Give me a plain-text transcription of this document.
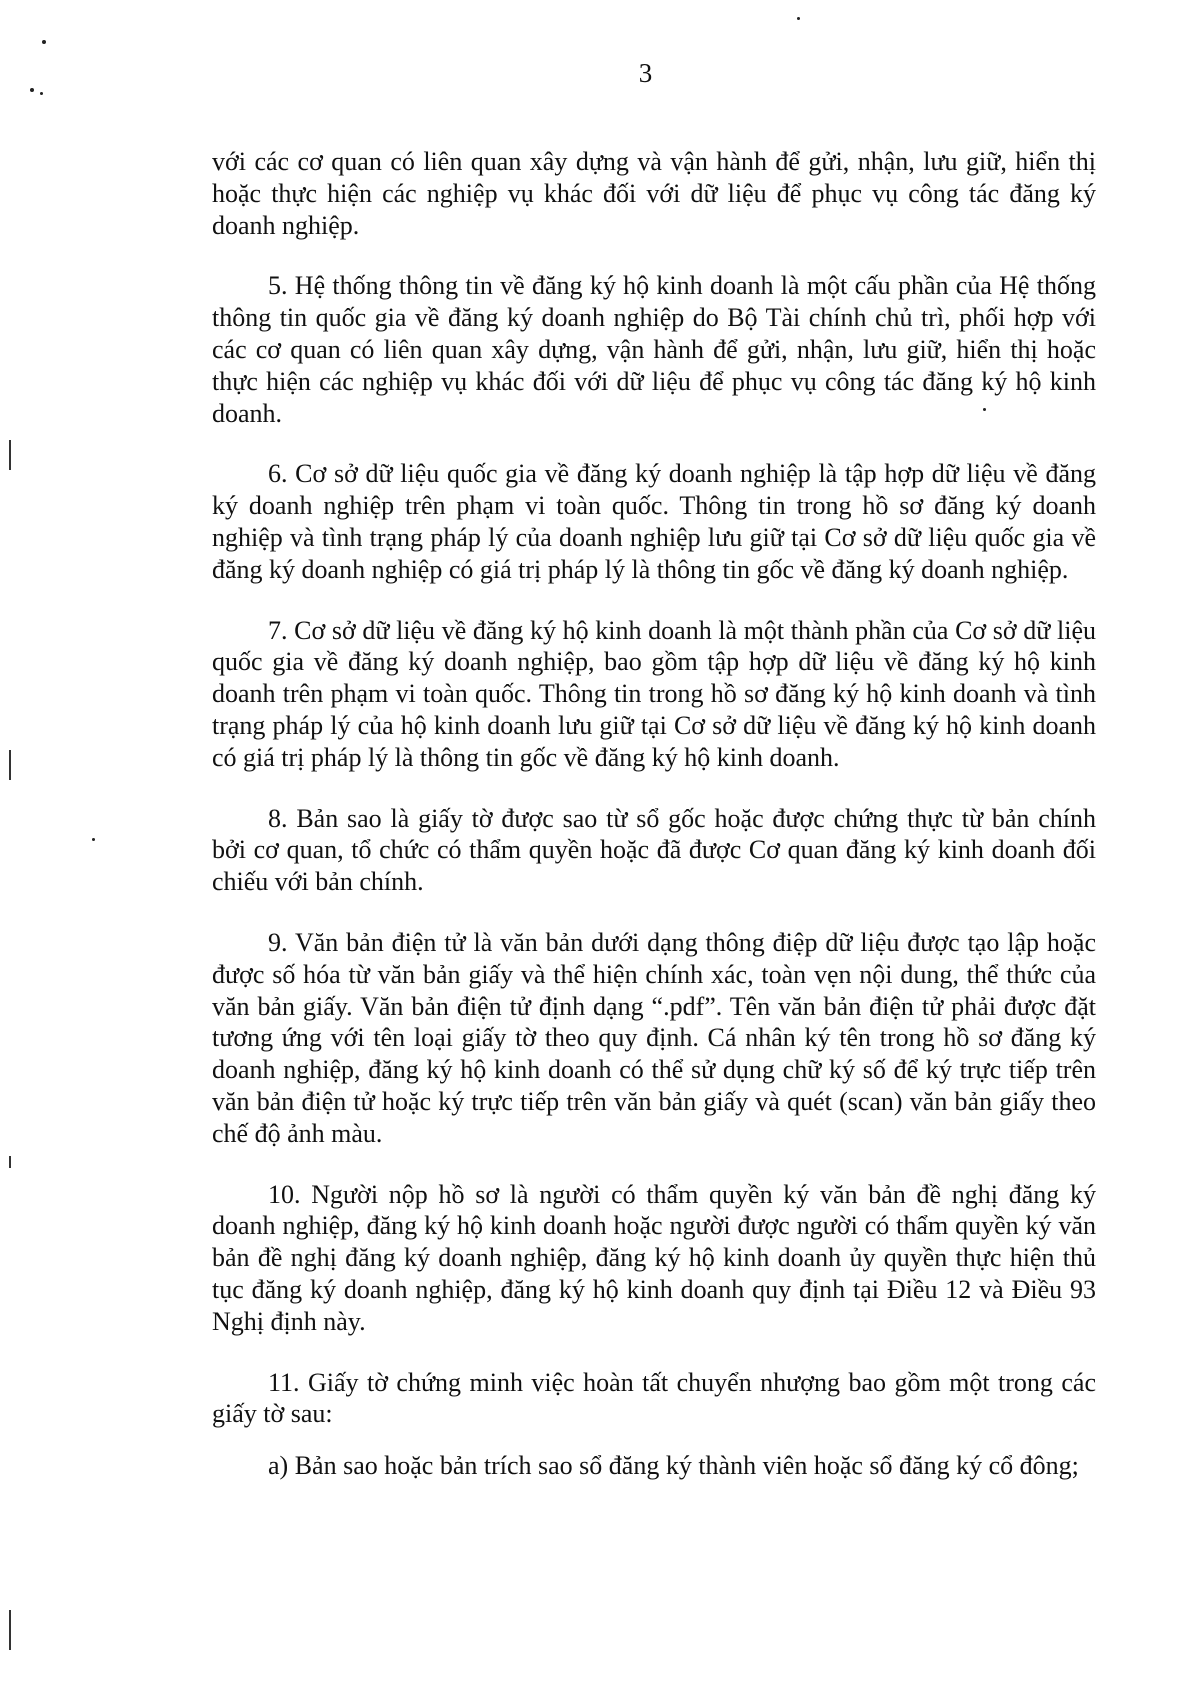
3

với các cơ quan có liên quan xây dựng và vận hành để gửi, nhận, lưu giữ, hiển thị hoặc thực hiện các nghiệp vụ khác đối với dữ liệu để phục vụ công tác đăng ký doanh nghiệp.

5. Hệ thống thông tin về đăng ký hộ kinh doanh là một cấu phần của Hệ thống thông tin quốc gia về đăng ký doanh nghiệp do Bộ Tài chính chủ trì, phối hợp với các cơ quan có liên quan xây dựng, vận hành để gửi, nhận, lưu giữ, hiển thị hoặc thực hiện các nghiệp vụ khác đối với dữ liệu để phục vụ công tác đăng ký hộ kinh doanh.

6. Cơ sở dữ liệu quốc gia về đăng ký doanh nghiệp là tập hợp dữ liệu về đăng ký doanh nghiệp trên phạm vi toàn quốc. Thông tin trong hồ sơ đăng ký doanh nghiệp và tình trạng pháp lý của doanh nghiệp lưu giữ tại Cơ sở dữ liệu quốc gia về đăng ký doanh nghiệp có giá trị pháp lý là thông tin gốc về đăng ký doanh nghiệp.

7. Cơ sở dữ liệu về đăng ký hộ kinh doanh là một thành phần của Cơ sở dữ liệu quốc gia về đăng ký doanh nghiệp, bao gồm tập hợp dữ liệu về đăng ký hộ kinh doanh trên phạm vi toàn quốc. Thông tin trong hồ sơ đăng ký hộ kinh doanh và tình trạng pháp lý của hộ kinh doanh lưu giữ tại Cơ sở dữ liệu về đăng ký hộ kinh doanh có giá trị pháp lý là thông tin gốc về đăng ký hộ kinh doanh.

8. Bản sao là giấy tờ được sao từ sổ gốc hoặc được chứng thực từ bản chính bởi cơ quan, tổ chức có thẩm quyền hoặc đã được Cơ quan đăng ký kinh doanh đối chiếu với bản chính.

9. Văn bản điện tử là văn bản dưới dạng thông điệp dữ liệu được tạo lập hoặc được số hóa từ văn bản giấy và thể hiện chính xác, toàn vẹn nội dung, thể thức của văn bản giấy. Văn bản điện tử định dạng “.pdf”. Tên văn bản điện tử phải được đặt tương ứng với tên loại giấy tờ theo quy định. Cá nhân ký tên trong hồ sơ đăng ký doanh nghiệp, đăng ký hộ kinh doanh có thể sử dụng chữ ký số để ký trực tiếp trên văn bản điện tử hoặc ký trực tiếp trên văn bản giấy và quét (scan) văn bản giấy theo chế độ ảnh màu.

10. Người nộp hồ sơ là người có thẩm quyền ký văn bản đề nghị đăng ký doanh nghiệp, đăng ký hộ kinh doanh hoặc người được người có thẩm quyền ký văn bản đề nghị đăng ký doanh nghiệp, đăng ký hộ kinh doanh ủy quyền thực hiện thủ tục đăng ký doanh nghiệp, đăng ký hộ kinh doanh quy định tại Điều 12 và Điều 93 Nghị định này.

11. Giấy tờ chứng minh việc hoàn tất chuyển nhượng bao gồm một trong các giấy tờ sau:

a) Bản sao hoặc bản trích sao sổ đăng ký thành viên hoặc sổ đăng ký cổ đông;
